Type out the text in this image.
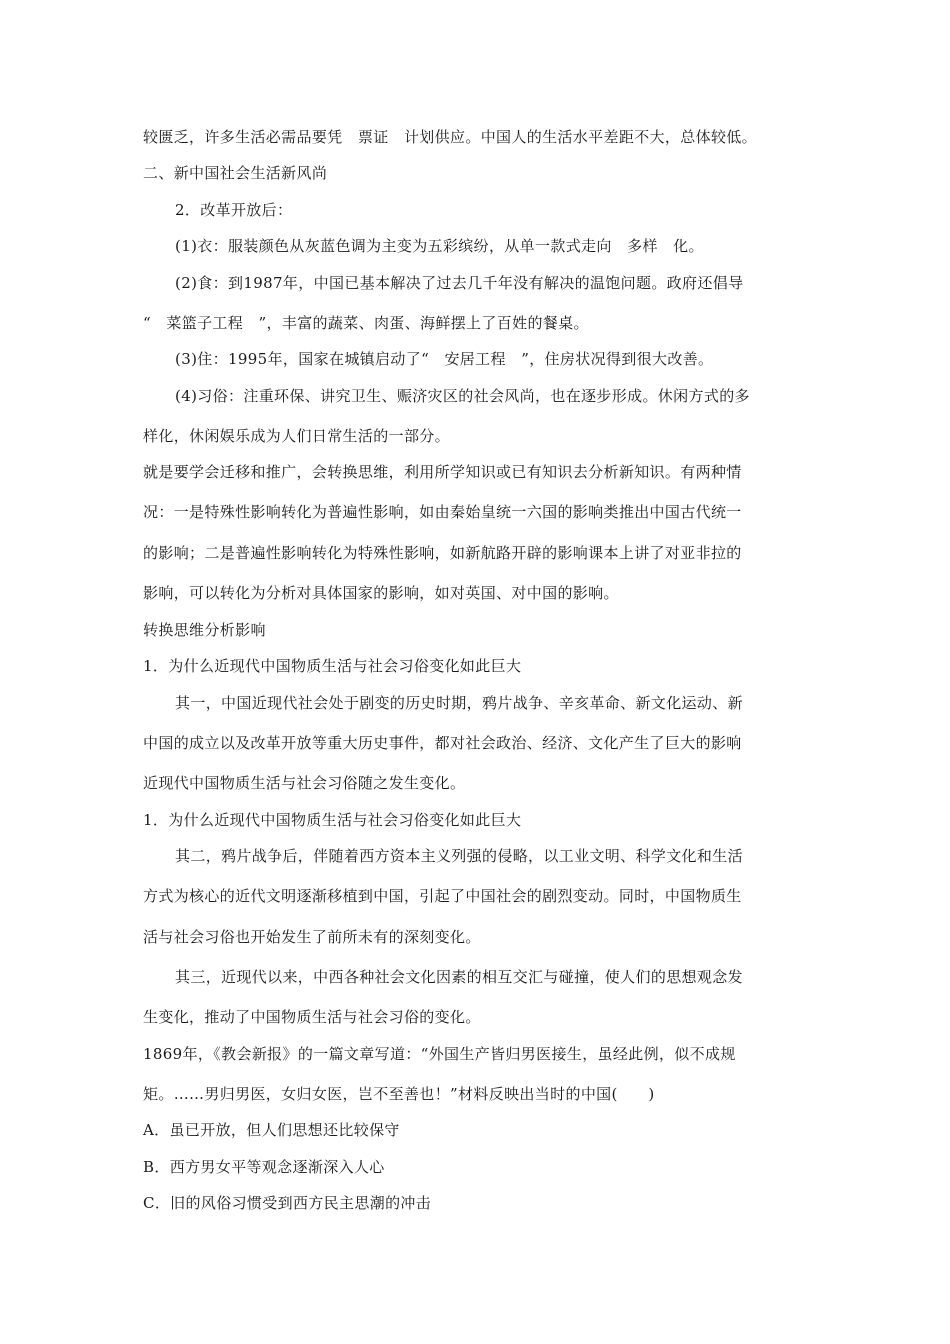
较匮乏，许多生活必需品要凭　票证　计划供应。中国人的生活水平差距不大，总体较低。
二、新中国社会生活新风尚
2．改革开放后：
(1)衣：服装颜色从灰蓝色调为主变为五彩缤纷，从单一款式走向　多样　化。
(2)食：到1987年，中国已基本解决了过去几千年没有解决的温饱问题。政府还倡导
“　菜篮子工程　”，丰富的蔬菜、肉蛋、海鲜摆上了百姓的餐桌。
(3)住：1995年，国家在城镇启动了“　安居工程　”，住房状况得到很大改善。
(4)习俗：注重环保、讲究卫生、赈济灾区的社会风尚，也在逐步形成。休闲方式的多
样化，休闲娱乐成为人们日常生活的一部分。
就是要学会迁移和推广，会转换思维，利用所学知识或已有知识去分析新知识。有两种情
况：一是特殊性影响转化为普遍性影响，如由秦始皇统一六国的影响类推出中国古代统一
的影响；二是普遍性影响转化为特殊性影响，如新航路开辟的影响课本上讲了对亚非拉的
影响，可以转化为分析对具体国家的影响，如对英国、对中国的影响。
转换思维分析影响
1．为什么近现代中国物质生活与社会习俗变化如此巨大
其一，中国近现代社会处于剧变的历史时期，鸦片战争、辛亥革命、新文化运动、新
中国的成立以及改革开放等重大历史事件，都对社会政治、经济、文化产生了巨大的影响
近现代中国物质生活与社会习俗随之发生变化。
1．为什么近现代中国物质生活与社会习俗变化如此巨大
其二，鸦片战争后，伴随着西方资本主义列强的侵略，以工业文明、科学文化和生活
方式为核心的近代文明逐渐移植到中国，引起了中国社会的剧烈变动。同时，中国物质生
活与社会习俗也开始发生了前所未有的深刻变化。
其三，近现代以来，中西各种社会文化因素的相互交汇与碰撞，使人们的思想观念发
生变化，推动了中国物质生活与社会习俗的变化。
1869年，《教会新报》的一篇文章写道：“外国生产皆归男医接生，虽经此例，似不成规
矩。……男归男医，女归女医，岂不至善也！”材料反映出当时的中国(　　)
A．虽已开放，但人们思想还比较保守
B．西方男女平等观念逐渐深入人心
C．旧的风俗习惯受到西方民主思潮的冲击
